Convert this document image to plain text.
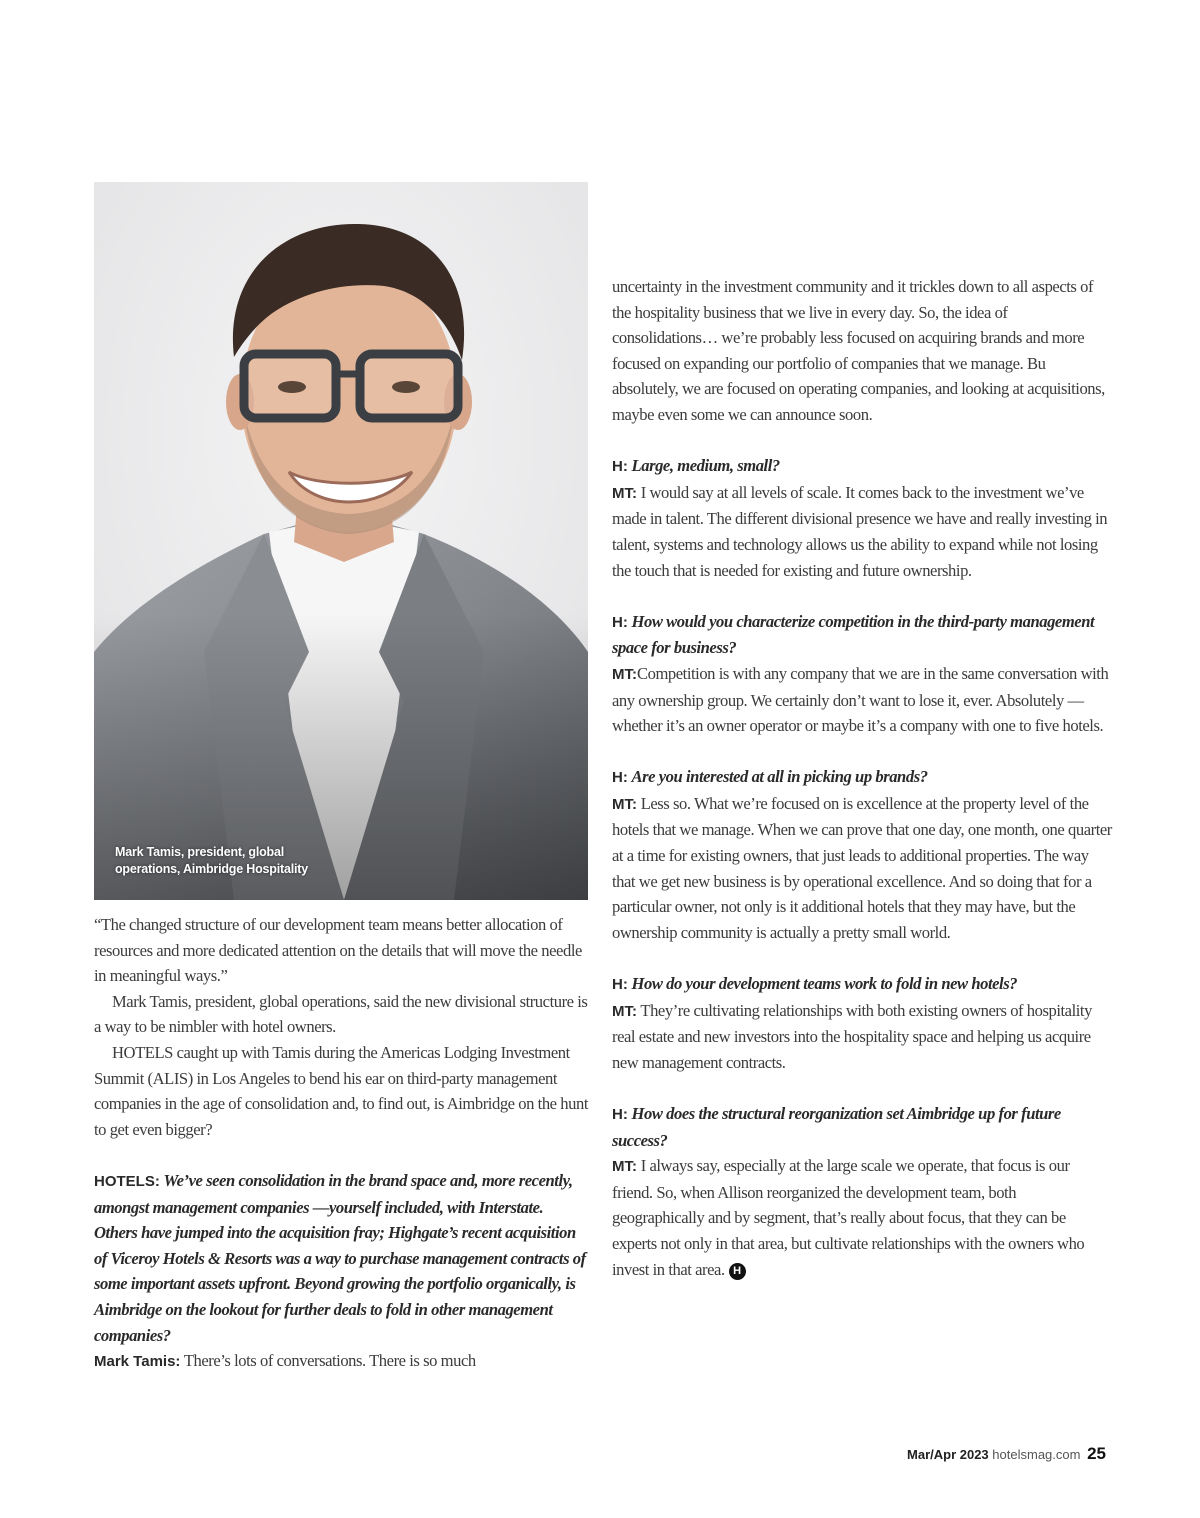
Mark Tamis, president, global
operations, Aimbridge Hospitality

“The changed structure of our development team means better allocation of resources and more dedicated attention on the details that will move the needle in meaningful ways.”

Mark Tamis, president, global operations, said the new divisional structure is a way to be nimbler with hotel owners.

HOTELS caught up with Tamis during the Americas Lodging Investment Summit (ALIS) in Los Angeles to bend his ear on third-party management companies in the age of consolidation and, to find out, is Aimbridge on the hunt to get even bigger?

HOTELS: We’ve seen consolidation in the brand space and, more recently, amongst management companies —yourself included, with Interstate. Others have jumped into the acquisition fray; Highgate’s recent acquisition of Viceroy Hotels & Resorts was a way to purchase management contracts of some important assets upfront. Beyond growing the portfolio organically, is Aimbridge on the lookout for further deals to fold in other management companies?

Mark Tamis: There’s lots of conversations. There is so much

uncertainty in the investment community and it trickles down to all aspects of the hospitality business that we live in every day. So, the idea of consolidations… we’re probably less focused on acquiring brands and more focused on expanding our portfolio of companies that we manage. Bu absolutely, we are focused on operating companies, and looking at acquisitions, maybe even some we can announce soon.

H: Large, medium, small?

MT: I would say at all levels of scale. It comes back to the investment we’ve made in talent. The different divisional presence we have and really investing in talent, systems and technology allows us the ability to expand while not losing the touch that is needed for existing and future ownership.

H: How would you characterize competition in the third-party management space for business?

MT:Competition is with any company that we are in the same conversation with any ownership group. We certainly don’t want to lose it, ever. Absolutely — whether it’s an owner operator or maybe it’s a company with one to five hotels.

H: Are you interested at all in picking up brands?

MT: Less so. What we’re focused on is excellence at the property level of the hotels that we manage. When we can prove that one day, one month, one quarter at a time for existing owners, that just leads to additional properties. The way that we get new business is by operational excellence. And so doing that for a particular owner, not only is it additional hotels that they may have, but the ownership community is actually a pretty small world.

H: How do your development teams work to fold in new hotels?

MT: They’re cultivating relationships with both existing owners of hospitality real estate and new investors into the hospitality space and helping us acquire new management contracts.

H: How does the structural reorganization set Aimbridge up for future success?

MT: I always say, especially at the large scale we operate, that focus is our friend. So, when Allison reorganized the development team, both geographically and by segment, that’s really about focus, that they can be experts not only in that area, but cultivate relationships with the owners who invest in that area. H

Mar/Apr 2023 hotelsmag.com 25
